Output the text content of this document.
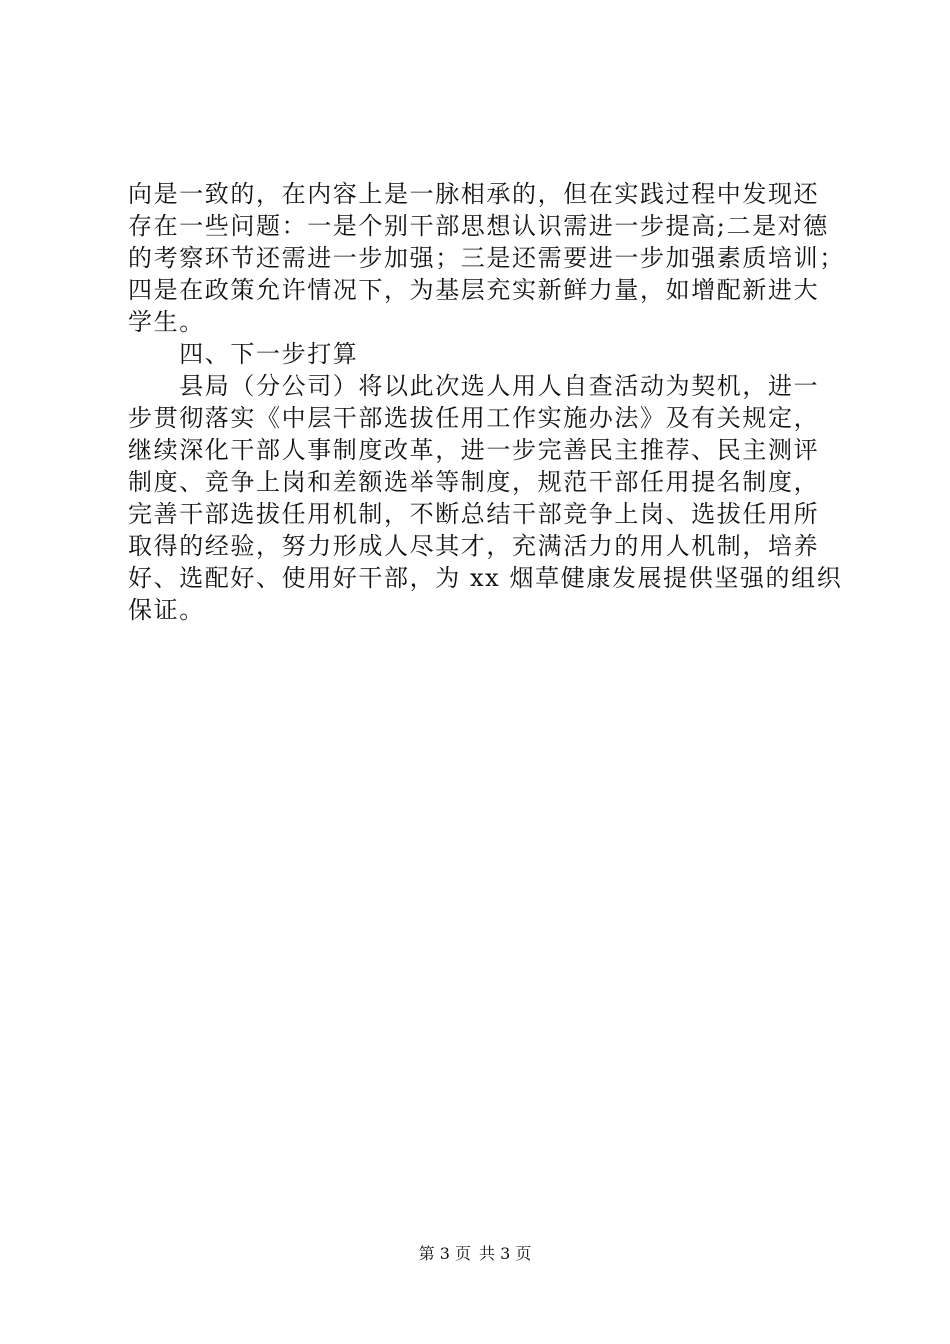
向是一致的，在内容上是一脉相承的，但在实践过程中发现还
存在一些问题：一是个别干部思想认识需进一步提高;二是对德
的考察环节还需进一步加强；三是还需要进一步加强素质培训；
四是在政策允许情况下，为基层充实新鲜力量，如增配新进大
学生。
　　四、下一步打算
　　县局（分公司）将以此次选人用人自查活动为契机，进一
步贯彻落实《中层干部选拔任用工作实施办法》及有关规定，
继续深化干部人事制度改革，进一步完善民主推荐、民主测评
制度、竞争上岗和差额选举等制度，规范干部任用提名制度，
完善干部选拔任用机制，不断总结干部竞争上岗、选拔任用所
取得的经验，努力形成人尽其才，充满活力的用人机制，培养
好、选配好、使用好干部，为 xx 烟草健康发展提供坚强的组织
保证。
第 3 页 共 3 页
